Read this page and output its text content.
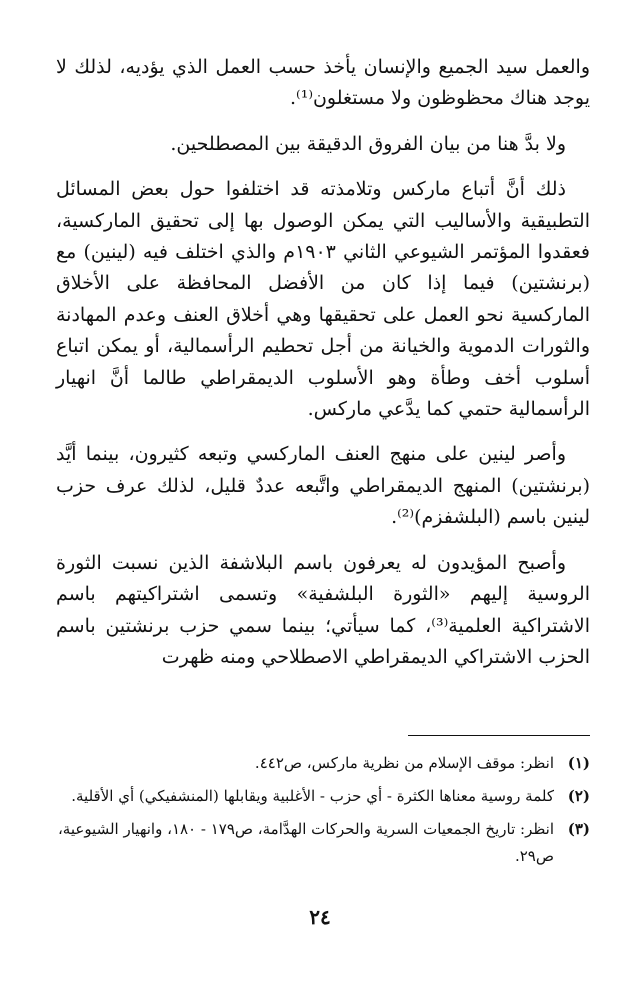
والعمل سيد الجميع والإنسان يأخذ حسب العمل الذي يؤديه، لذلك لا يوجد هناك محظوظون ولا مستغلون⁽¹⁾.

ولا بدَّ هنا من بيان الفروق الدقيقة بين المصطلحين.

ذلك أنَّ أتباع ماركس وتلامذته قد اختلفوا حول بعض المسائل التطبيقية والأساليب التي يمكن الوصول بها إلى تحقيق الماركسية، فعقدوا المؤتمر الشيوعي الثاني ١٩٠٣م والذي اختلف فيه (لينين) مع (برنشتين) فيما إذا كان من الأفضل المحافظة على الأخلاق الماركسية نحو العمل على تحقيقها وهي أخلاق العنف وعدم المهادنة والثورات الدموية والخيانة من أجل تحطيم الرأسمالية، أو يمكن اتباع أسلوب أخف وطأة وهو الأسلوب الديمقراطي طالما أنَّ انهيار الرأسمالية حتمي كما يدَّعي ماركس.

وأصر لينين على منهج العنف الماركسي وتبعه كثيرون، بينما أيَّد (برنشتين) المنهج الديمقراطي واتَّبعه عددٌ قليل، لذلك عرف حزب لينين باسم (البلشفزم)⁽²⁾.

وأصبح المؤيدون له يعرفون باسم البلاشفة الذين نسبت الثورة الروسية إليهم «الثورة البلشفية» وتسمى اشتراكيتهم باسم الاشتراكية العلمية⁽³⁾، كما سيأتي؛ بينما سمي حزب برنشتين باسم الحزب الاشتراكي الديمقراطي الاصطلاحي ومنه ظهرت

(١)
انظر: موقف الإسلام من نظرية ماركس، ص٤٤٢.
(٢)
كلمة روسية معناها الكثرة - أي حزب - الأغلبية ويقابلها (المنشفيكي) أي الأقلية.
(٣)
انظر: تاريخ الجمعيات السرية والحركات الهدَّامة، ص١٧٩ - ١٨٠، وانهيار الشيوعية، ص٢٩.
٢٤
